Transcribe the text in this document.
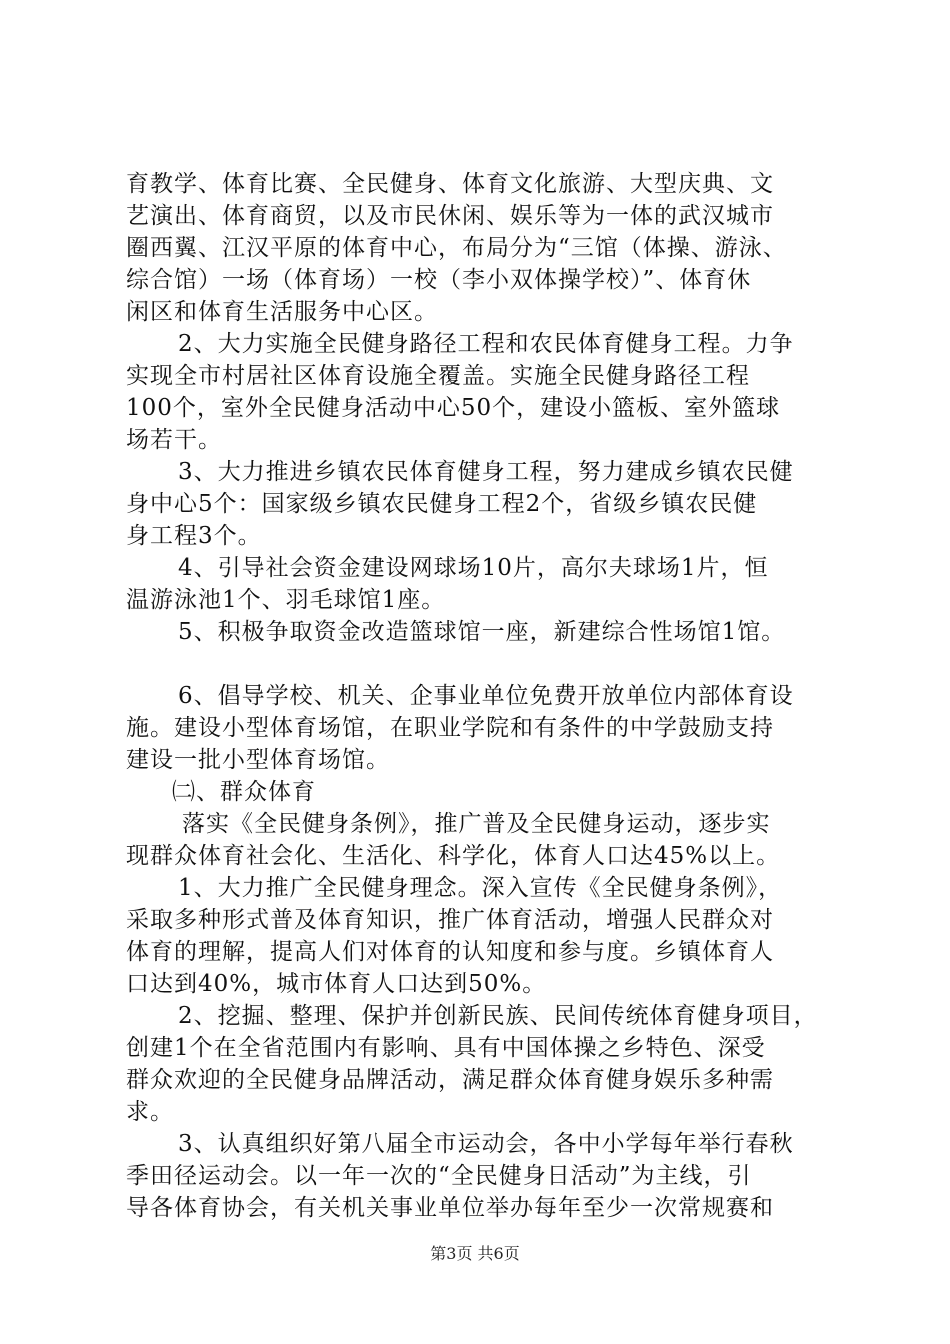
育教学、体育比赛、全民健身、体育文化旅游、大型庆典、文
艺演出、体育商贸，以及市民休闲、娱乐等为一体的武汉城市
圈西翼、江汉平原的体育中心，布局分为“三馆（体操、游泳、
综合馆）一场（体育场）一校（李小双体操学校）”、体育休
闲区和体育生活服务中心区。
2、大力实施全民健身路径工程和农民体育健身工程。力争
实现全市村居社区体育设施全覆盖。实施全民健身路径工程
100个，室外全民健身活动中心50个，建设小篮板、室外篮球
场若干。
3、大力推进乡镇农民体育健身工程，努力建成乡镇农民健
身中心5个：国家级乡镇农民健身工程2个，省级乡镇农民健
身工程3个。
4、引导社会资金建设网球场10片，高尔夫球场1片，恒
温游泳池1个、羽毛球馆1座。
5、积极争取资金改造篮球馆一座，新建综合性场馆1馆。
6、倡导学校、机关、企事业单位免费开放单位内部体育设
施。建设小型体育场馆，在职业学院和有条件的中学鼓励支持
建设一批小型体育场馆。
㈡、群众体育
落实《全民健身条例》，推广普及全民健身运动，逐步实
现群众体育社会化、生活化、科学化，体育人口达45%以上。
1、大力推广全民健身理念。深入宣传《全民健身条例》，
采取多种形式普及体育知识，推广体育活动，增强人民群众对
体育的理解，提高人们对体育的认知度和参与度。乡镇体育人
口达到40%，城市体育人口达到50%。
2、挖掘、整理、保护并创新民族、民间传统体育健身项目，
创建1个在全省范围内有影响、具有中国体操之乡特色、深受
群众欢迎的全民健身品牌活动，满足群众体育健身娱乐多种需
求。
3、认真组织好第八届全市运动会，各中小学每年举行春秋
季田径运动会。以一年一次的“全民健身日活动”为主线，引
导各体育协会，有关机关事业单位举办每年至少一次常规赛和
第3页 共6页
